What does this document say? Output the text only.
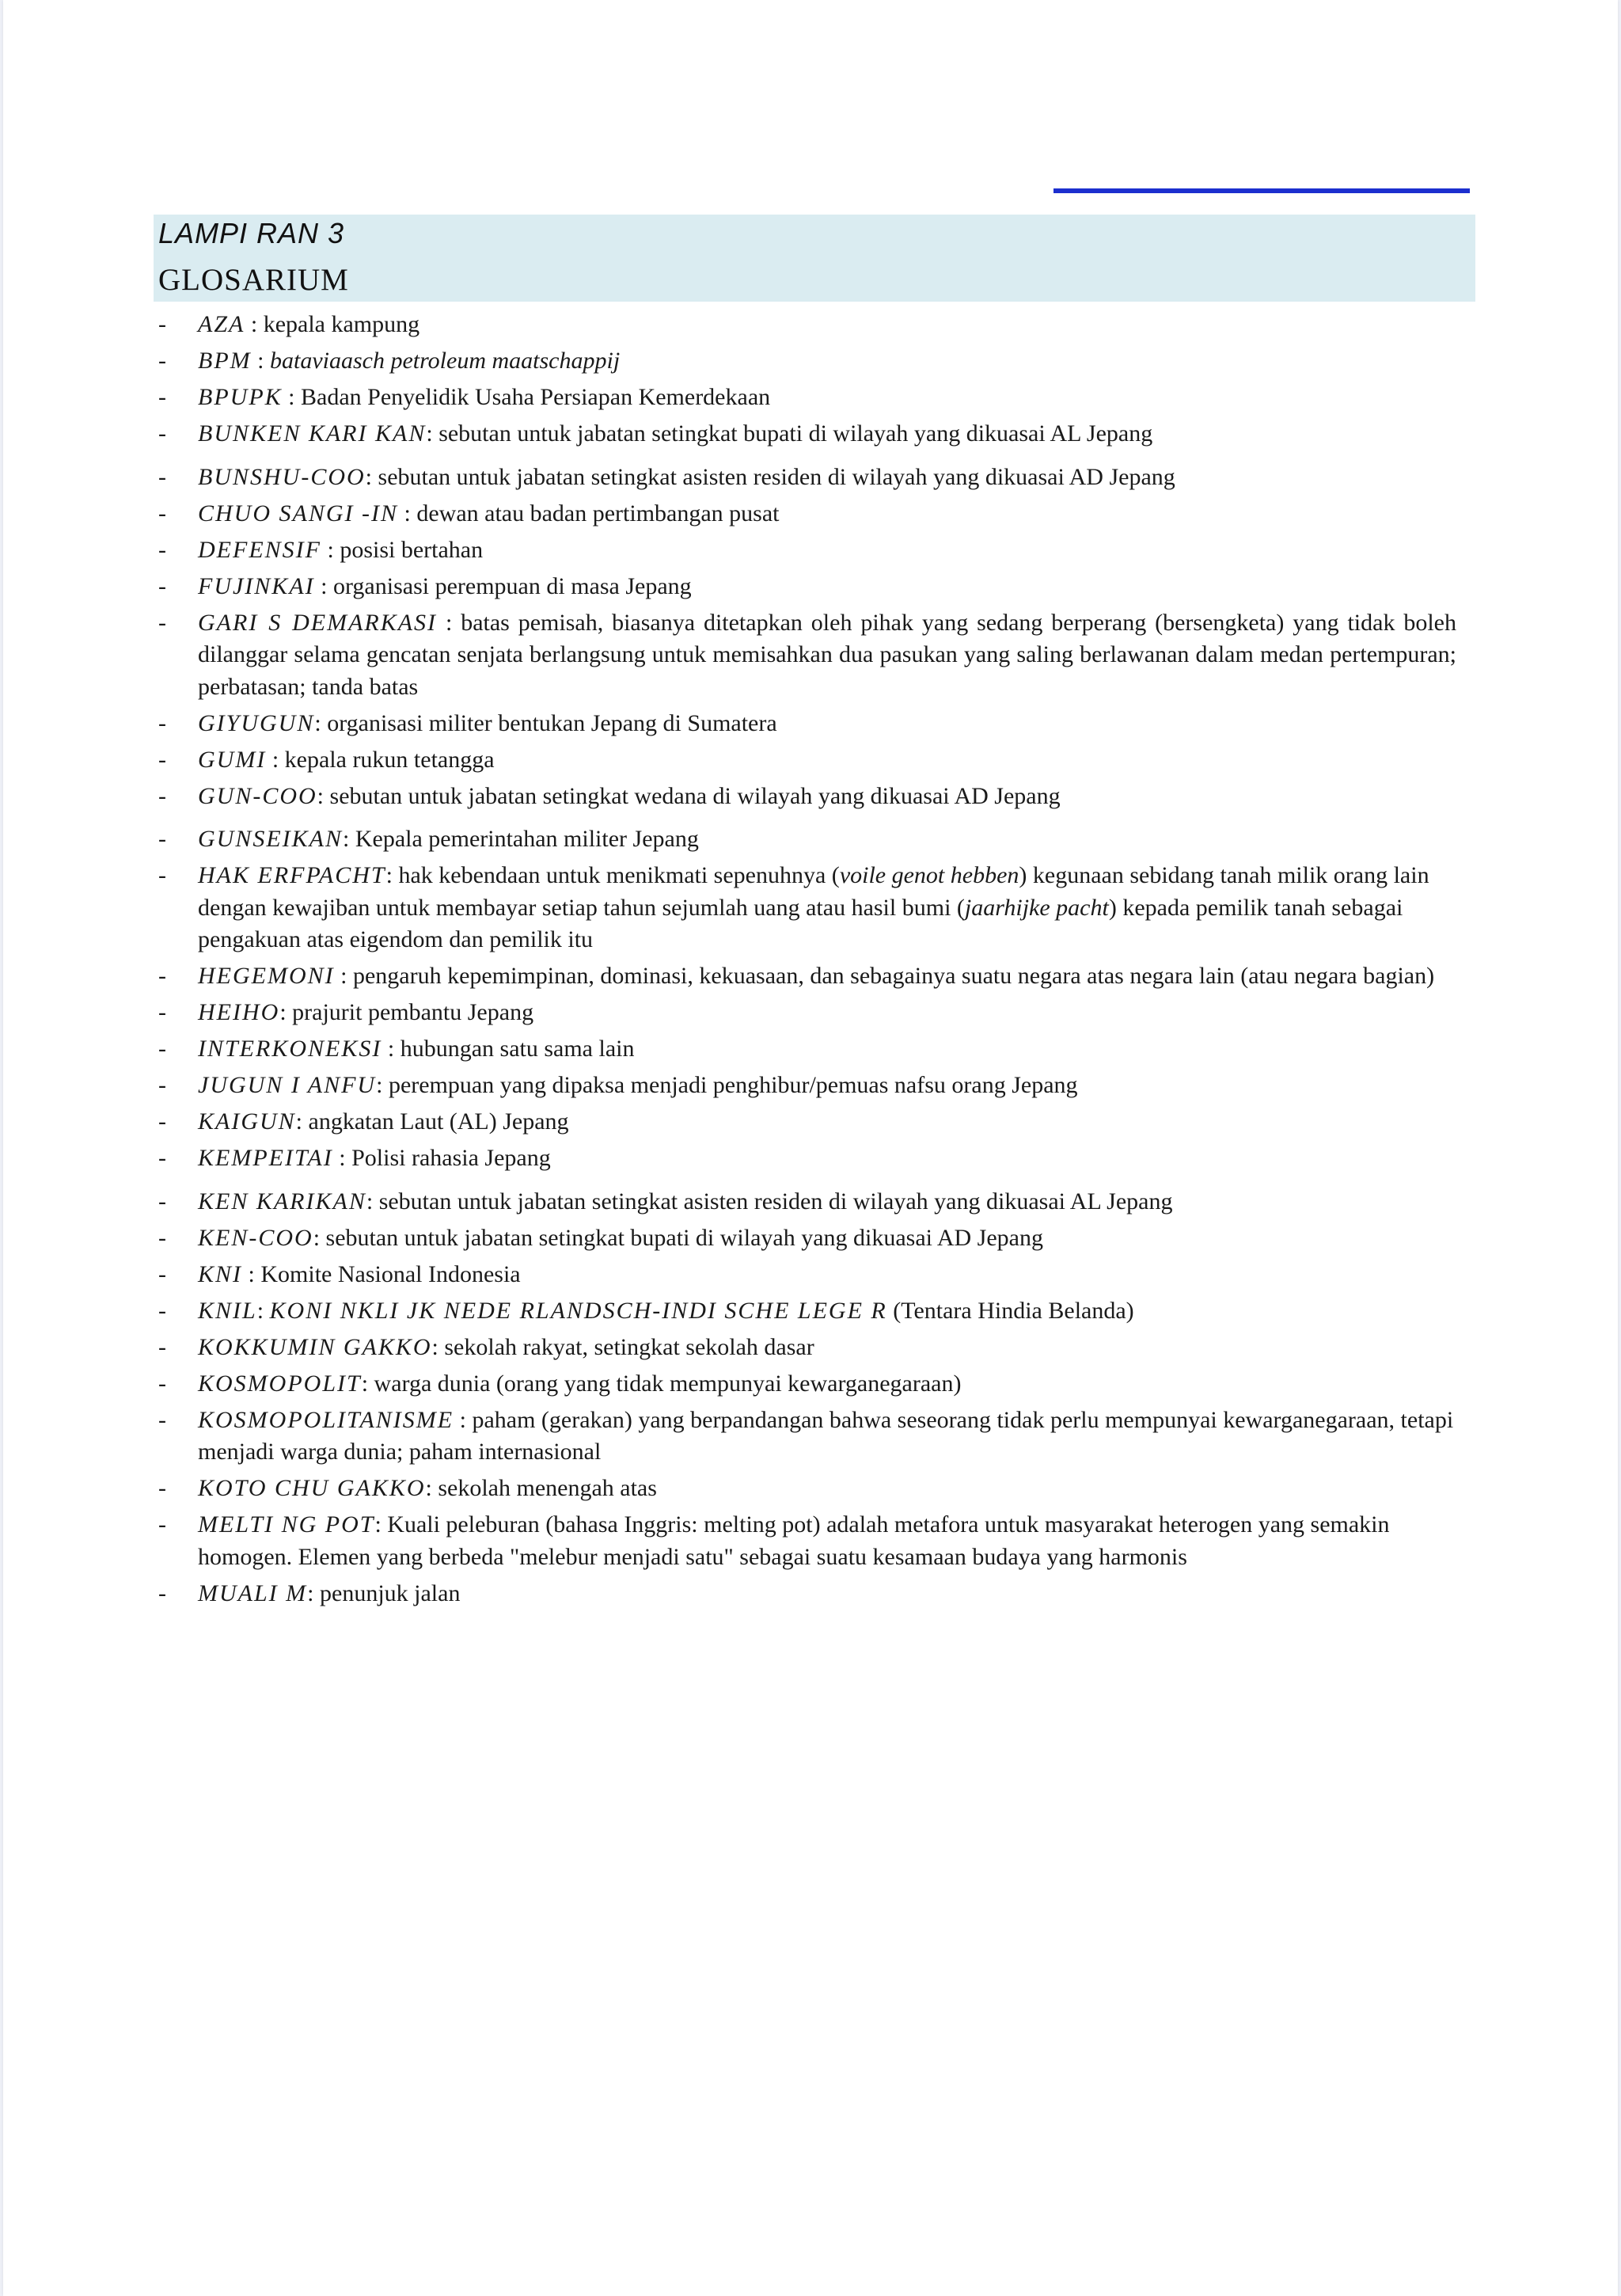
LAMPI RAN 3
GLOSARIUM
- AZA : kepala kampung
- BPM : bataviaasch petroleum maatschappij
- BPUPK : Badan Penyelidik Usaha Persiapan Kemerdekaan
- BUNKEN KARI KAN: sebutan untuk jabatan setingkat bupati di wilayah yang dikuasai AL Jepang
- BUNSHU-COO: sebutan untuk jabatan setingkat asisten residen di wilayah yang dikuasai AD Jepang
- CHUO SANGI -IN : dewan atau badan pertimbangan pusat
- DEFENSIF : posisi bertahan
- FUJINKAI : organisasi perempuan di masa Jepang
- GARI S DEMARKASI : batas pemisah, biasanya ditetapkan oleh pihak yang sedang berperang (bersengketa) yang tidak boleh dilanggar selama gencatan senjata berlangsung untuk memisahkan dua pasukan yang saling berlawanan dalam medan pertempuran; perbatasan; tanda batas
- GIYUGUN: organisasi militer bentukan Jepang di Sumatera
- GUMI : kepala rukun tetangga
- GUN-COO: sebutan untuk jabatan setingkat wedana di wilayah yang dikuasai AD Jepang
- GUNSEIKAN: Kepala pemerintahan militer Jepang
- HAK ERFPACHT: hak kebendaan untuk menikmati sepenuhnya (voile genot hebben) kegunaan sebidang tanah milik orang lain dengan kewajiban untuk membayar setiap tahun sejumlah uang atau hasil bumi (jaarhijke pacht) kepada pemilik tanah sebagai pengakuan atas eigendom dan pemilik itu
- HEGEMONI : pengaruh kepemimpinan, dominasi, kekuasaan, dan sebagainya suatu negara atas negara lain (atau negara bagian)
- HEIHO: prajurit pembantu Jepang
- INTERKONEKSI : hubungan satu sama lain
- JUGUN I ANFU: perempuan yang dipaksa menjadi penghibur/pemuas nafsu orang Jepang
- KAIGUN: angkatan Laut (AL) Jepang
- KEMPEITAI : Polisi rahasia Jepang
- KEN KARIKAN: sebutan untuk jabatan setingkat asisten residen di wilayah yang dikuasai AL Jepang
- KEN-COO: sebutan untuk jabatan setingkat bupati di wilayah yang dikuasai AD Jepang
- KNI : Komite Nasional Indonesia
- KNIL: KONI NKLI JK NEDE RLANDSCH-INDI SCHE LEGE R (Tentara Hindia Belanda)
- KOKKUMIN GAKKO: sekolah rakyat, setingkat sekolah dasar
- KOSMOPOLIT: warga dunia (orang yang tidak mempunyai kewarganegaraan)
- KOSMOPOLITANISME : paham (gerakan) yang berpandangan bahwa seseorang tidak perlu mempunyai kewarganegaraan, tetapi menjadi warga dunia; paham internasional
- KOTO CHU GAKKO: sekolah menengah atas
- MELTI NG POT: Kuali peleburan (bahasa Inggris: melting pot) adalah metafora untuk masyarakat heterogen yang semakin homogen. Elemen yang berbeda "melebur menjadi satu" sebagai suatu kesamaan budaya yang harmonis
- MUALI M: penunjuk jalan
